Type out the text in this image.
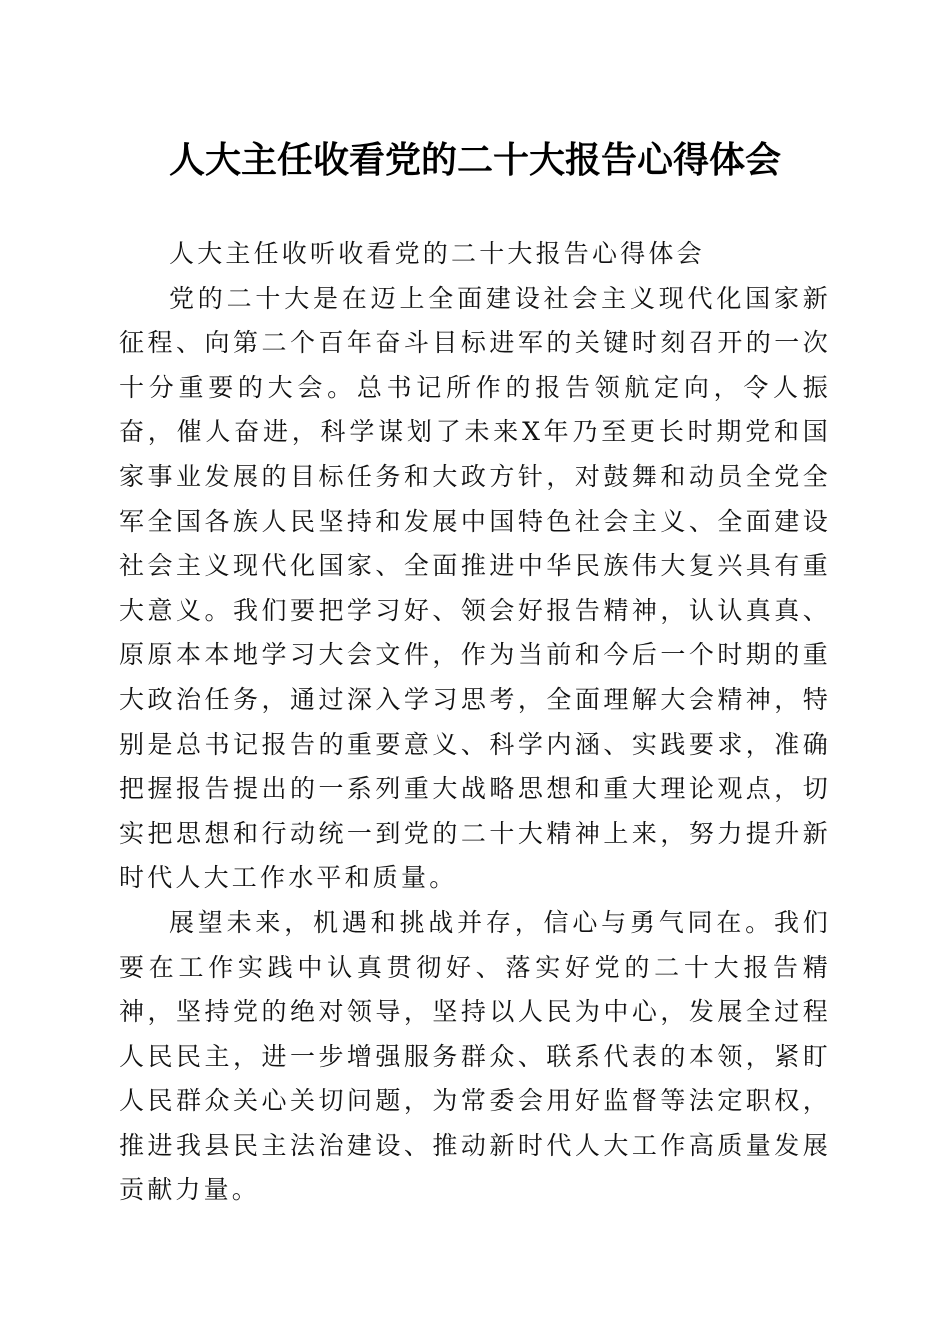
人大主任收看党的二十大报告心得体会

人大主任收听收看党的二十大报告心得体会

党的二十大是在迈上全面建设社会主义现代化国家新征程、向第二个百年奋斗目标进军的关键时刻召开的一次十分重要的大会。总书记所作的报告领航定向，令人振奋，催人奋进，科学谋划了未来X年乃至更长时期党和国家事业发展的目标任务和大政方针，对鼓舞和动员全党全军全国各族人民坚持和发展中国特色社会主义、全面建设社会主义现代化国家、全面推进中华民族伟大复兴具有重大意义。我们要把学习好、领会好报告精神，认认真真、原原本本地学习大会文件，作为当前和今后一个时期的重大政治任务，通过深入学习思考，全面理解大会精神，特别是总书记报告的重要意义、科学内涵、实践要求，准确把握报告提出的一系列重大战略思想和重大理论观点，切实把思想和行动统一到党的二十大精神上来，努力提升新时代人大工作水平和质量。

展望未来，机遇和挑战并存，信心与勇气同在。我们要在工作实践中认真贯彻好、落实好党的二十大报告精神，坚持党的绝对领导，坚持以人民为中心，发展全过程人民民主，进一步增强服务群众、联系代表的本领，紧盯人民群众关心关切问题，为常委会用好监督等法定职权，推进我县民主法治建设、推动新时代人大工作高质量发展贡献力量。
